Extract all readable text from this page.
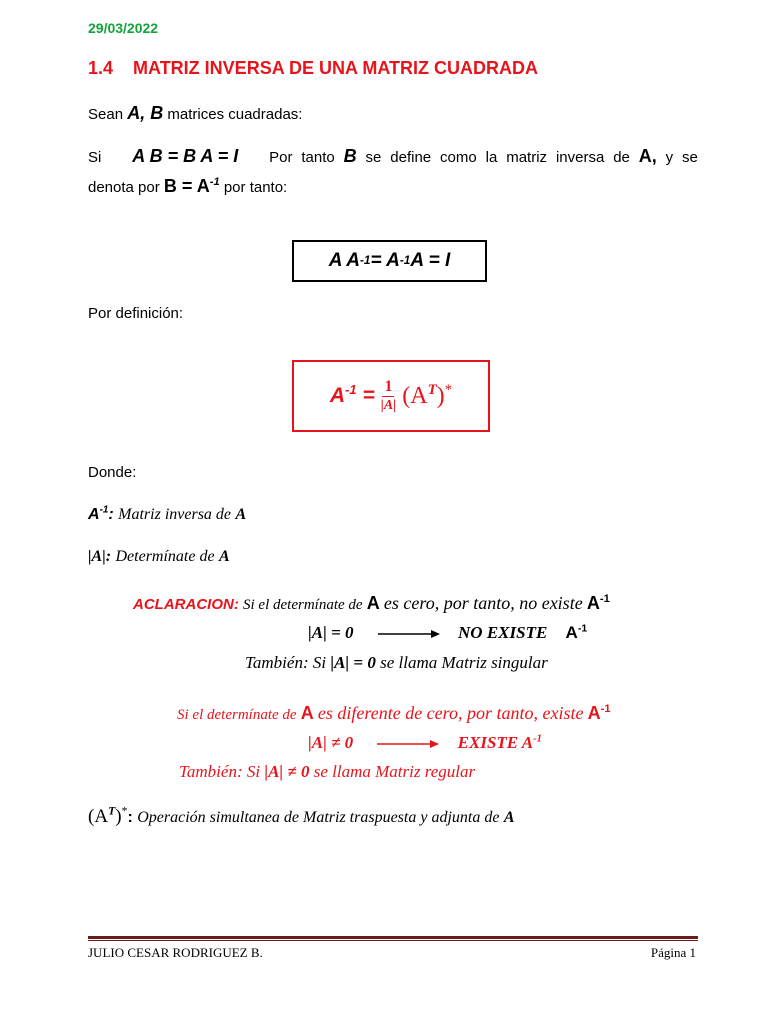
29/03/2022
1.4 MATRIZ INVERSA DE UNA MATRIZ CUADRADA
Sean A, B matrices cuadradas:
Si A B = B A = I Por tanto B se define como la matriz inversa de A, y se
denota por $B = A^{-1}$ por tanto:
A A -1 = A -1 A = I
Por definición:
$A^{-1} = \frac{1}{|A|} (A^T)^*$
Donde:
$A^{-1}$: Matriz inversa de A
|A|: Determínate de A
ACLARACION: Si el determínate de A es cero, por tanto, no existe $A^{-1}$
|A| = 0	NO EXISTE $A^{-1}$
También: Si |A| = 0 se llama Matriz singular
Si el determínate de A es diferente de cero, por tanto, existe $A^{-1}$
|A| ≠ 0	EXISTE $A^{-1}$
También: Si |A| ≠ 0 se llama Matriz regular
$(A^T)^*$: Operación simultanea de Matriz traspuesta y adjunta de A
JULIO CESAR RODRIGUEZ B.	Página 1
